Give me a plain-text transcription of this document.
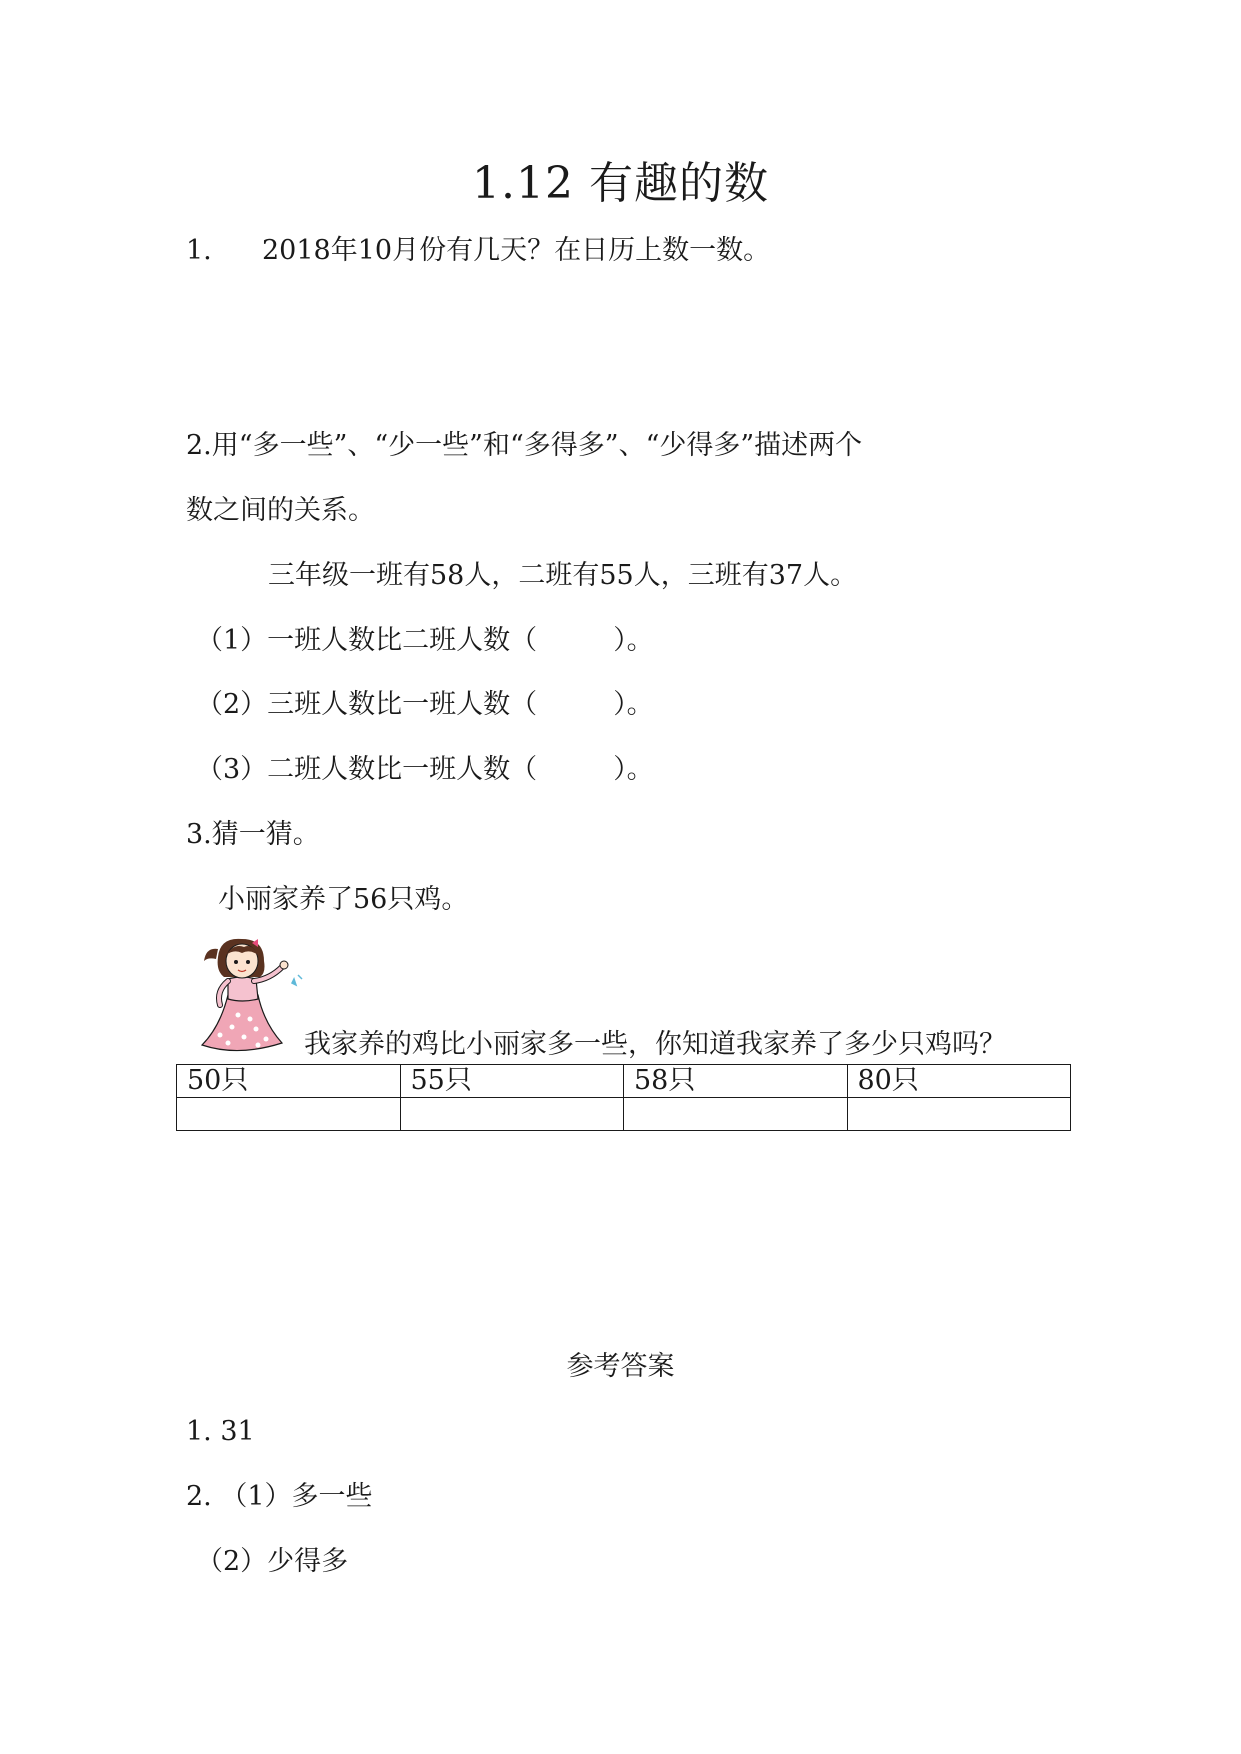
1.12 有趣的数
1. 2018年10月份有几天？在日历上数一数。
2.用“多一些”、“少一些”和“多得多”、“少得多”描述两个
数之间的关系。
三年级一班有58人，二班有55人，三班有37人。
（1）一班人数比二班人数（	）。
（2）三班人数比一班人数（	）。
（3）二班人数比一班人数（	）。
3.猜一猜。
小丽家养了56只鸡。
我家养的鸡比小丽家多一些，你知道我家养了多少只鸡吗？
50只	55只	58只	80只

参考答案
1. 31
2. （1）多一些
（2）少得多
